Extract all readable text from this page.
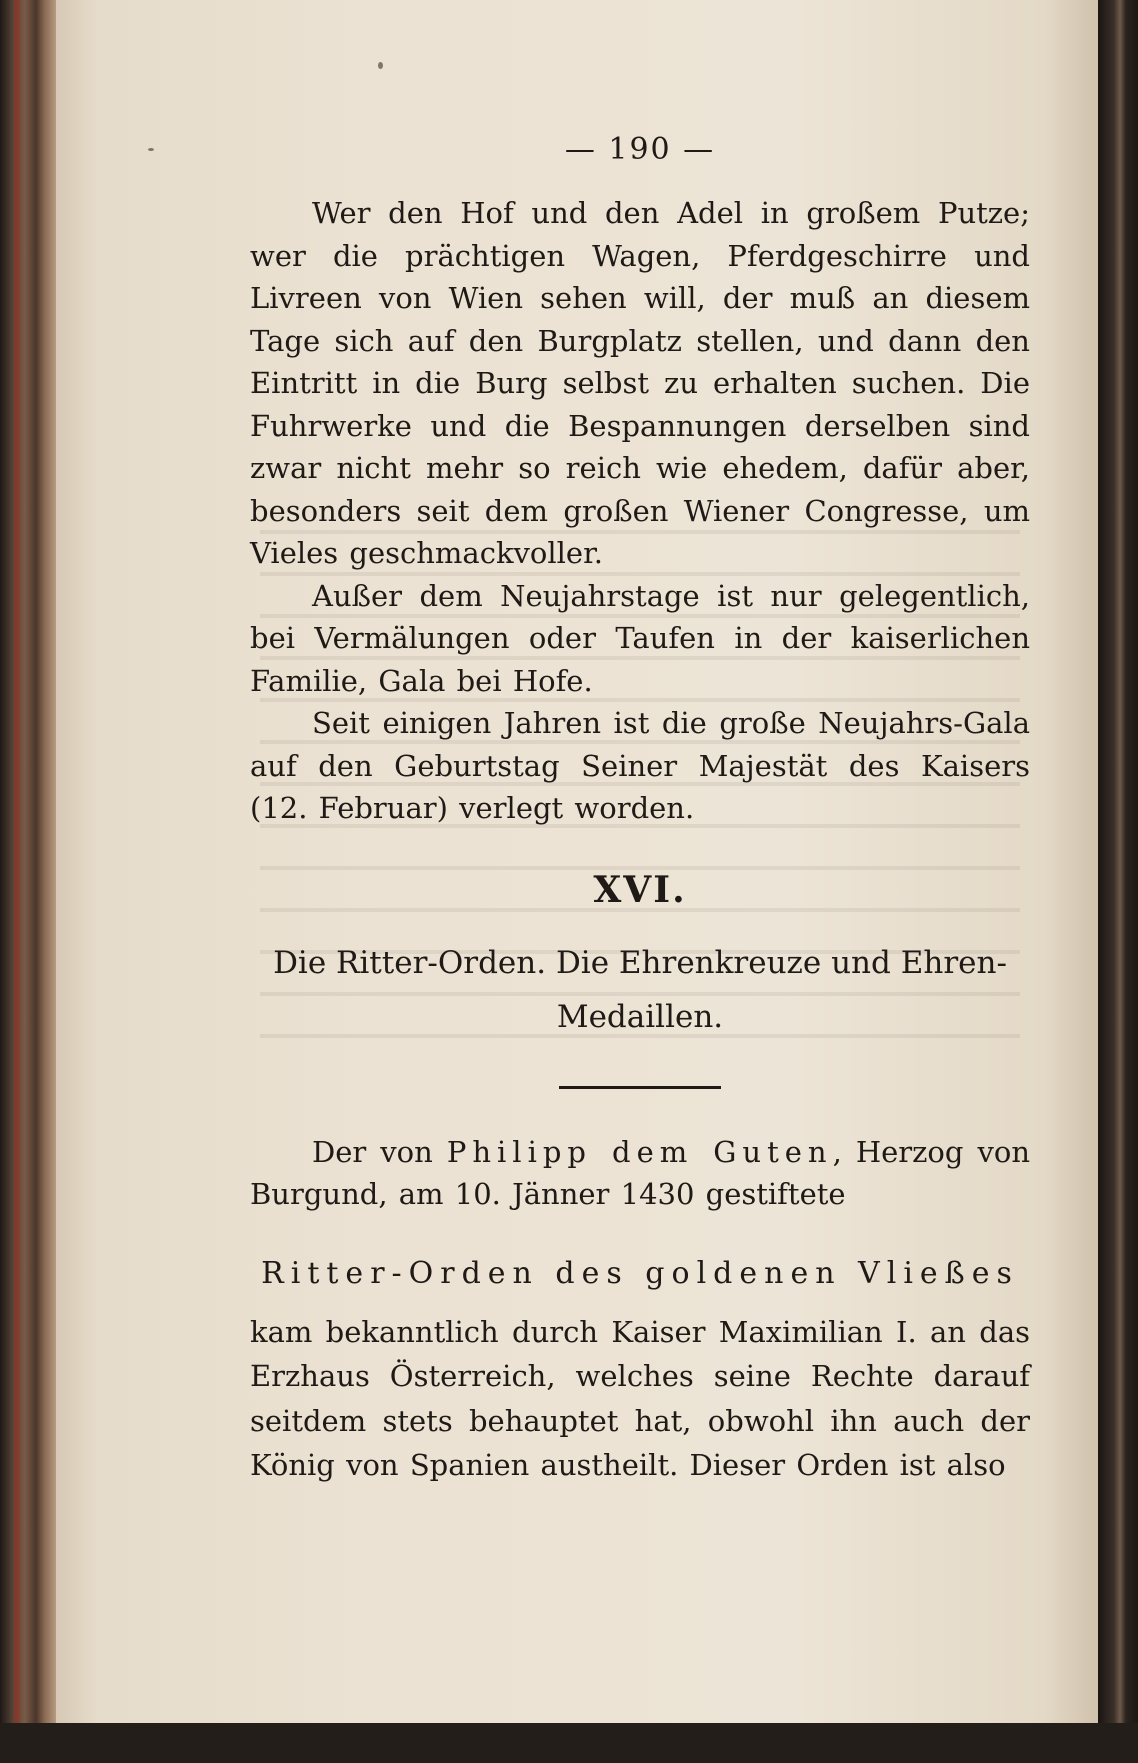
— 190 —

Wer den Hof und den Adel in großem Putze; wer die prächtigen Wagen, Pferdgeschirre und Livreen von Wien sehen will, der muß an diesem Tage sich auf den Burgplatz stellen, und dann den Eintritt in die Burg selbst zu erhalten suchen. Die Fuhrwerke und die Bespannungen derselben sind zwar nicht mehr so reich wie ehedem, dafür aber, besonders seit dem großen Wiener Congresse, um Vieles geschmackvoller.

Außer dem Neujahrstage ist nur gelegentlich, bei Vermälungen oder Taufen in der kaiserlichen Familie, Gala bei Hofe.

Seit einigen Jahren ist die große Neujahrs-Gala auf den Geburtstag Seiner Majestät des Kaisers (12. Februar) verlegt worden.

XVI.

Die Ritter-Orden. Die Ehrenkreuze und Ehren-Medaillen.

Der von Philipp dem Guten, Herzog von Burgund, am 10. Jänner 1430 gestiftete

Ritter-Orden des goldenen Vließes

kam bekanntlich durch Kaiser Maximilian I. an das Erzhaus Österreich, welches seine Rechte darauf seitdem stets behauptet hat, obwohl ihn auch der König von Spanien austheilt. Dieser Orden ist also
